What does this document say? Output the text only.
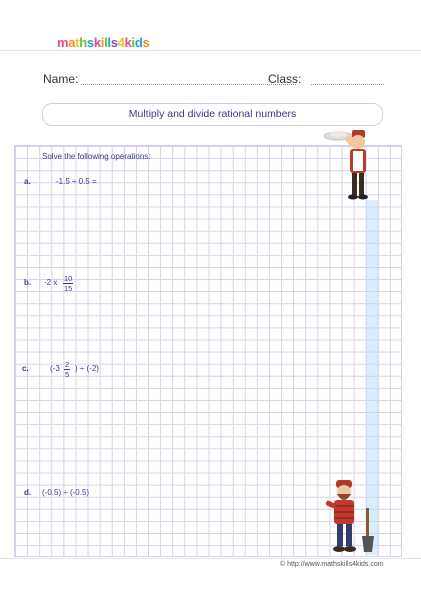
mathskills4kids
Name:	Class:
Multiply and divide rational numbers
Solve the following operations:
a.	-1.5 ÷ 0.5 =
b. -2 x $\frac{10}{15}$
c.	($-3 \frac{2}{5}$ ) ÷ (-2)
d. (-0.5) ÷ (-0.5)
© http://www.mathskills4kids.com
